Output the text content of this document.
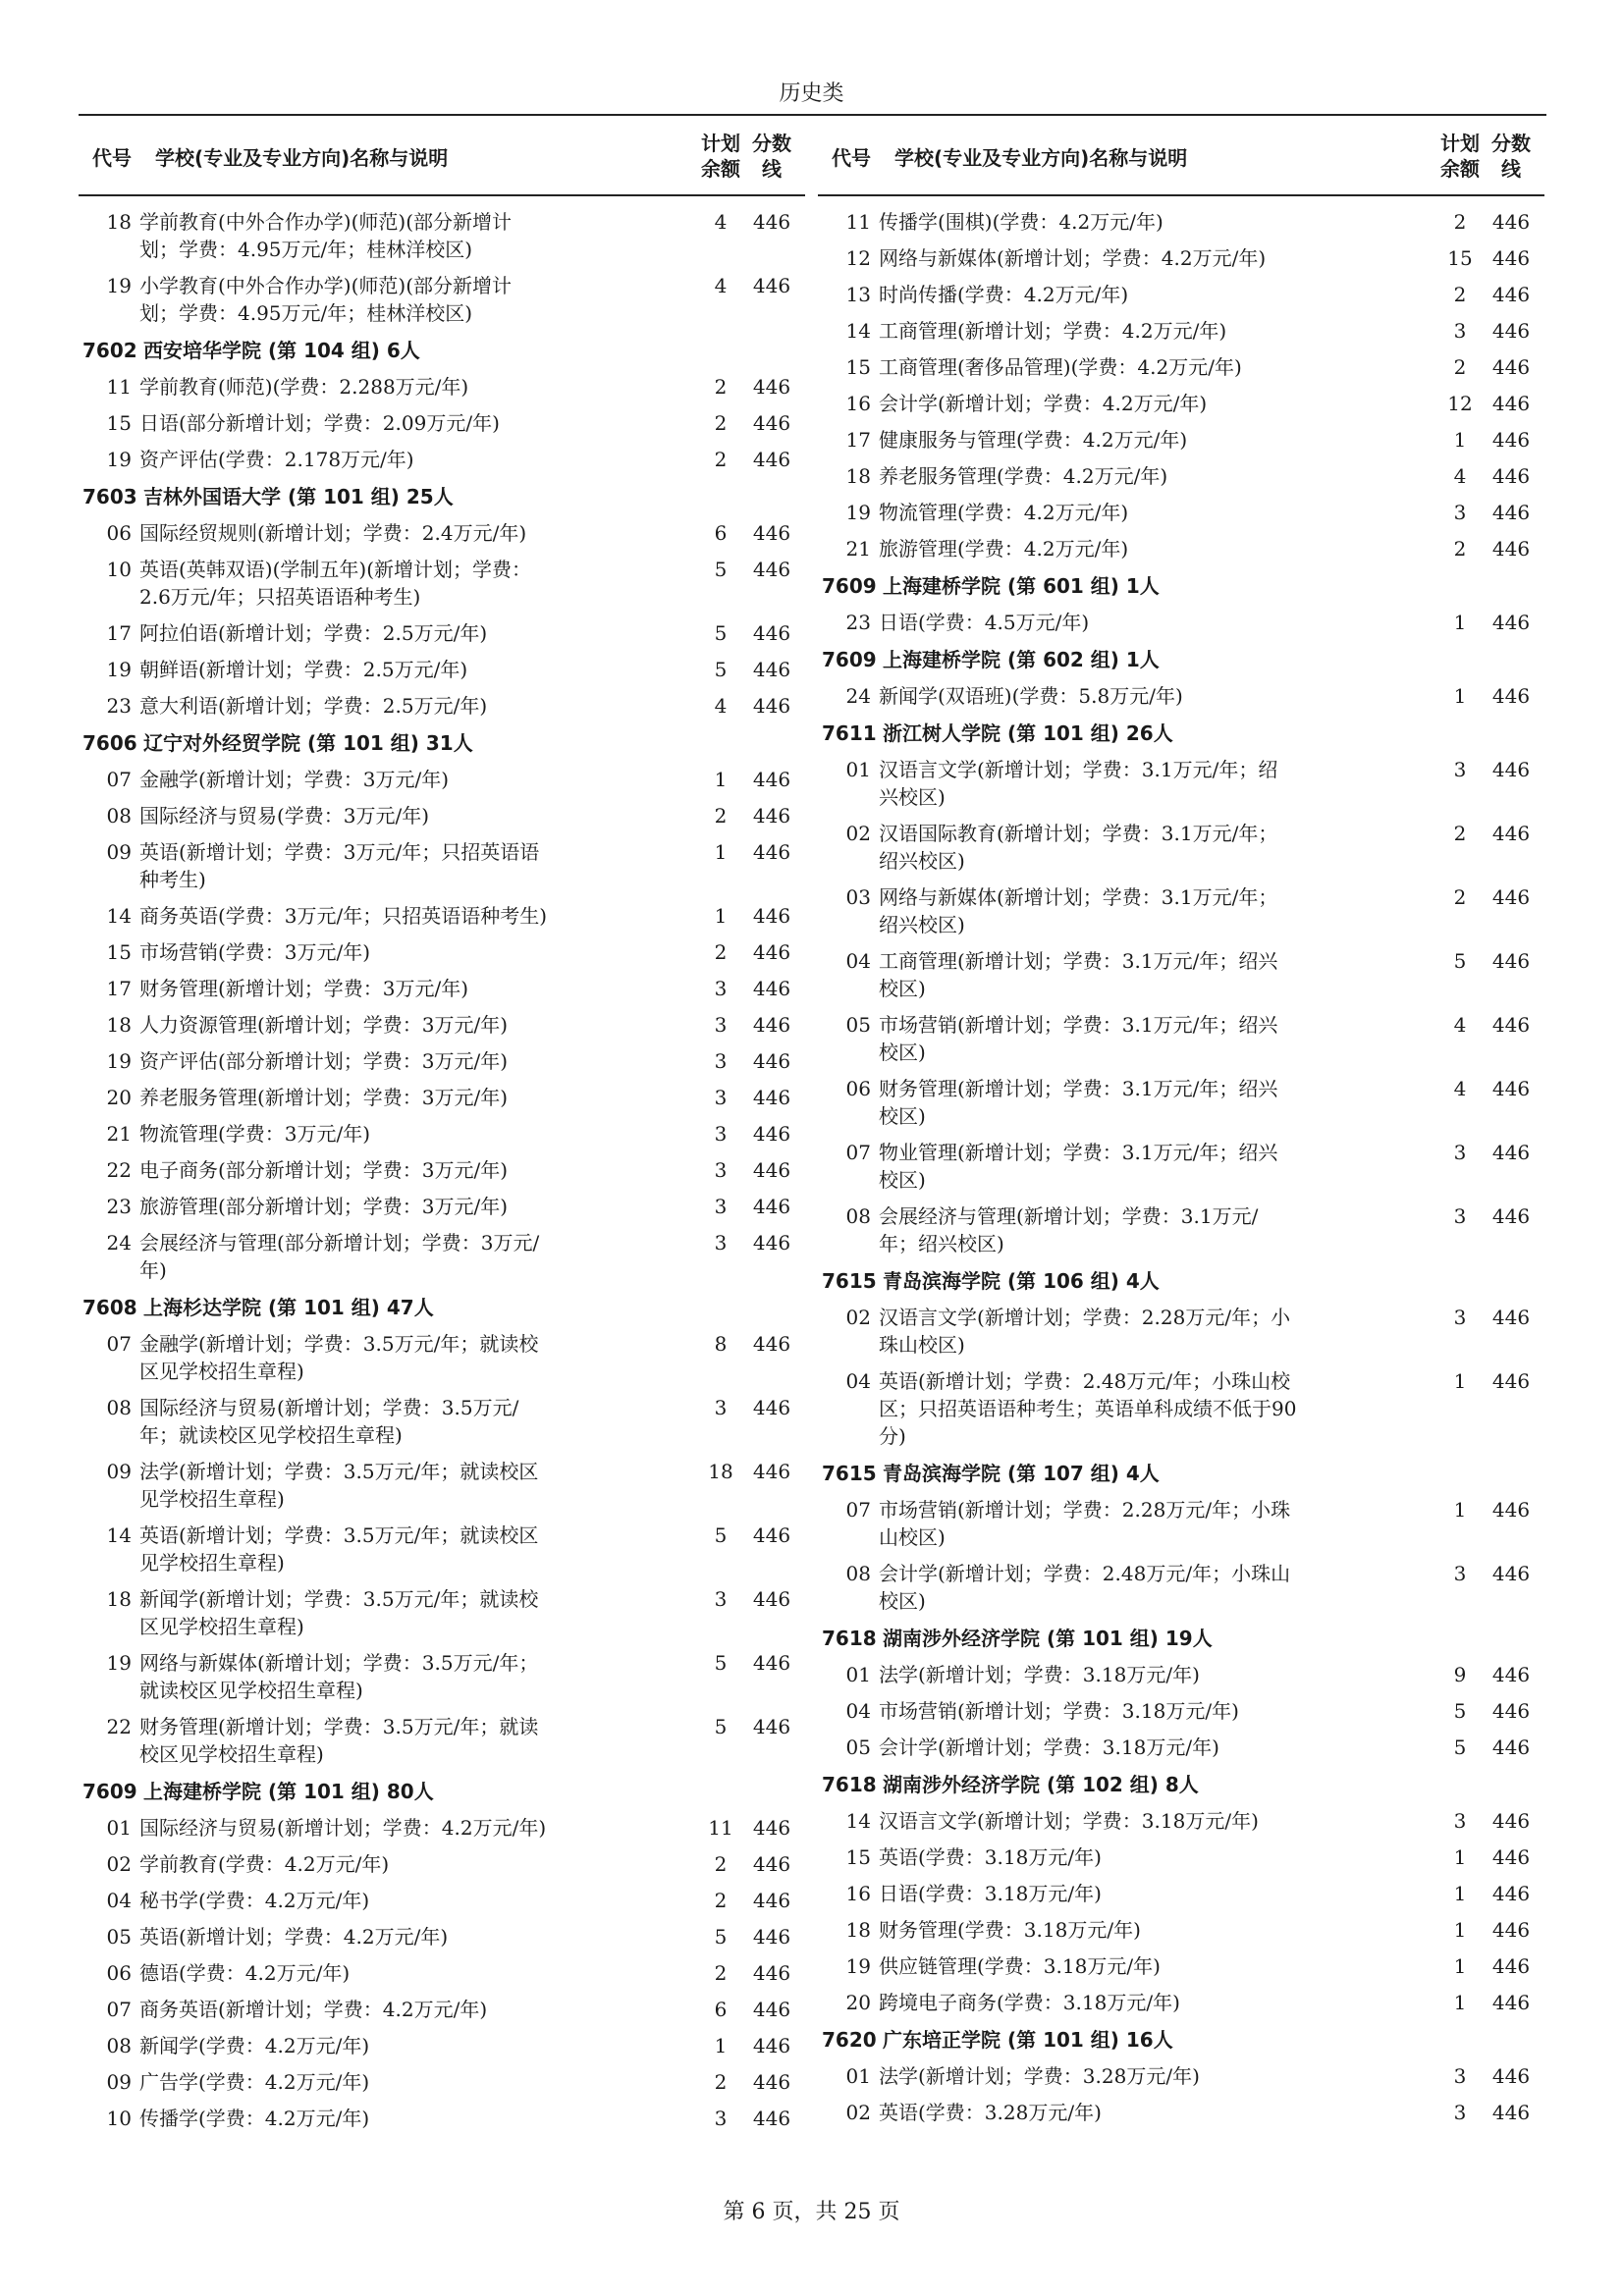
历史类
代号	学校(专业及专业方向)名称与说明
计划
余额
分数
线
18 学前教育(中外合作办学)(师范)(部分新增计
划；学费：4.95万元/年；桂林洋校区)
4	446
19 小学教育(中外合作办学)(师范)(部分新增计
划；学费：4.95万元/年；桂林洋校区)
4	446
7602 西安培华学院 (第 104 组) 6人
11 学前教育(师范)(学费：2.288万元/年)	2	446
15 日语(部分新增计划；学费：2.09万元/年)	2	446
19 资产评估(学费：2.178万元/年)	2	446
7603 吉林外国语大学 (第 101 组) 25人
06 国际经贸规则(新增计划；学费：2.4万元/年)	6	446
10 英语(英韩双语)(学制五年)(新增计划；学费：
2.6万元/年；只招英语语种考生)
5	446
17 阿拉伯语(新增计划；学费：2.5万元/年)	5	446
19 朝鲜语(新增计划；学费：2.5万元/年)	5	446
23 意大利语(新增计划；学费：2.5万元/年)	4	446
7606 辽宁对外经贸学院 (第 101 组) 31人
07 金融学(新增计划；学费：3万元/年)	1	446
08 国际经济与贸易(学费：3万元/年)	2	446
09 英语(新增计划；学费：3万元/年；只招英语语
种考生)
1	446
14 商务英语(学费：3万元/年；只招英语语种考生)	1	446
15 市场营销(学费：3万元/年)	2	446
17 财务管理(新增计划；学费：3万元/年)	3	446
18 人力资源管理(新增计划；学费：3万元/年)	3	446
19 资产评估(部分新增计划；学费：3万元/年)	3	446
20 养老服务管理(新增计划；学费：3万元/年)	3	446
21 物流管理(学费：3万元/年)	3	446
22 电子商务(部分新增计划；学费：3万元/年)	3	446
23 旅游管理(部分新增计划；学费：3万元/年)	3	446
24 会展经济与管理(部分新增计划；学费：3万元/
年)
3	446
7608 上海杉达学院 (第 101 组) 47人
07 金融学(新增计划；学费：3.5万元/年；就读校
区见学校招生章程)
8	446
08 国际经济与贸易(新增计划；学费：3.5万元/
年；就读校区见学校招生章程)
3	446
09 法学(新增计划；学费：3.5万元/年；就读校区
见学校招生章程)
18	446
14 英语(新增计划；学费：3.5万元/年；就读校区
见学校招生章程)
5	446
18 新闻学(新增计划；学费：3.5万元/年；就读校
区见学校招生章程)
3	446
19 网络与新媒体(新增计划；学费：3.5万元/年；
就读校区见学校招生章程)
5	446
22 财务管理(新增计划；学费：3.5万元/年；就读
校区见学校招生章程)
5	446
7609 上海建桥学院 (第 101 组) 80人
01 国际经济与贸易(新增计划；学费：4.2万元/年)	11	446
02 学前教育(学费：4.2万元/年)	2	446
04 秘书学(学费：4.2万元/年)	2	446
05 英语(新增计划；学费：4.2万元/年)	5	446
06 德语(学费：4.2万元/年)	2	446
07 商务英语(新增计划；学费：4.2万元/年)	6	446
08 新闻学(学费：4.2万元/年)	1	446
09 广告学(学费：4.2万元/年)	2	446
10 传播学(学费：4.2万元/年)	3	446
代号	学校(专业及专业方向)名称与说明
计划
余额
分数
线
11 传播学(围棋)(学费：4.2万元/年)	2	446
12 网络与新媒体(新增计划；学费：4.2万元/年)	15	446
13 时尚传播(学费：4.2万元/年)	2	446
14 工商管理(新增计划；学费：4.2万元/年)	3	446
15 工商管理(奢侈品管理)(学费：4.2万元/年)	2	446
16 会计学(新增计划；学费：4.2万元/年)	12	446
17 健康服务与管理(学费：4.2万元/年)	1	446
18 养老服务管理(学费：4.2万元/年)	4	446
19 物流管理(学费：4.2万元/年)	3	446
21 旅游管理(学费：4.2万元/年)	2	446
7609 上海建桥学院 (第 601 组) 1人
23 日语(学费：4.5万元/年)	1	446
7609 上海建桥学院 (第 602 组) 1人
24 新闻学(双语班)(学费：5.8万元/年)	1	446
7611 浙江树人学院 (第 101 组) 26人
01 汉语言文学(新增计划；学费：3.1万元/年；绍
兴校区)
3	446
02 汉语国际教育(新增计划；学费：3.1万元/年；
绍兴校区)
2	446
03 网络与新媒体(新增计划；学费：3.1万元/年；
绍兴校区)
2	446
04 工商管理(新增计划；学费：3.1万元/年；绍兴
校区)
5	446
05 市场营销(新增计划；学费：3.1万元/年；绍兴
校区)
4	446
06 财务管理(新增计划；学费：3.1万元/年；绍兴
校区)
4	446
07 物业管理(新增计划；学费：3.1万元/年；绍兴
校区)
3	446
08 会展经济与管理(新增计划；学费：3.1万元/
年；绍兴校区)
3	446
7615 青岛滨海学院 (第 106 组) 4人
02 汉语言文学(新增计划；学费：2.28万元/年；小
珠山校区)
3	446
04 英语(新增计划；学费：2.48万元/年；小珠山校
区；只招英语语种考生；英语单科成绩不低于90
分)
1	446
7615 青岛滨海学院 (第 107 组) 4人
07 市场营销(新增计划；学费：2.28万元/年；小珠
山校区)
1	446
08 会计学(新增计划；学费：2.48万元/年；小珠山
校区)
3	446
7618 湖南涉外经济学院 (第 101 组) 19人
01 法学(新增计划；学费：3.18万元/年)	9	446
04 市场营销(新增计划；学费：3.18万元/年)	5	446
05 会计学(新增计划；学费：3.18万元/年)	5	446
7618 湖南涉外经济学院 (第 102 组) 8人
14 汉语言文学(新增计划；学费：3.18万元/年)	3	446
15 英语(学费：3.18万元/年)	1	446
16 日语(学费：3.18万元/年)	1	446
18 财务管理(学费：3.18万元/年)	1	446
19 供应链管理(学费：3.18万元/年)	1	446
20 跨境电子商务(学费：3.18万元/年)	1	446
7620 广东培正学院 (第 101 组) 16人
01 法学(新增计划；学费：3.28万元/年)	3	446
02 英语(学费：3.28万元/年)	3	446
第 6 页，共 25 页
